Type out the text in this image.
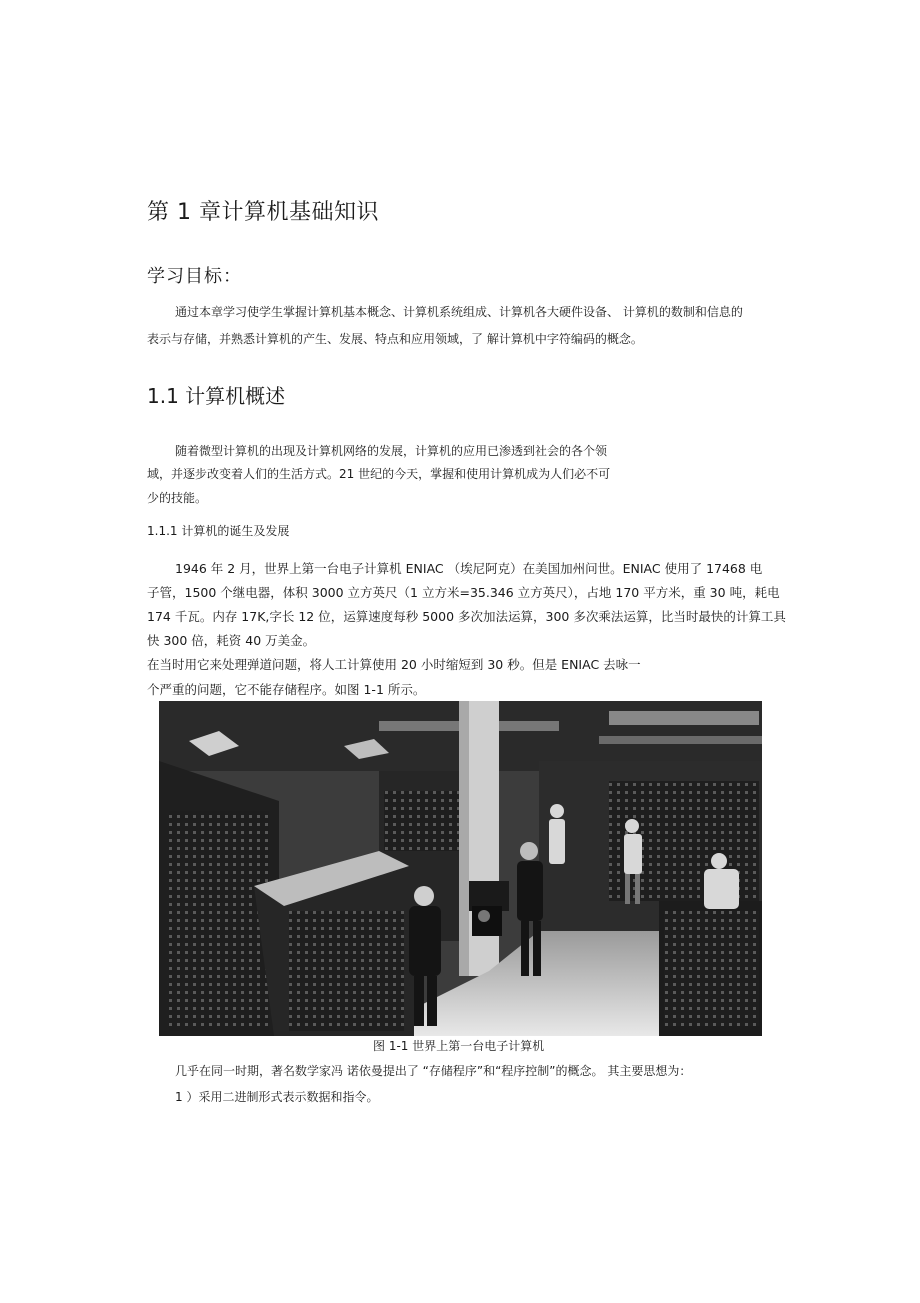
第 1 章计算机基础知识
学习目标：
通过本章学习使学生掌握计算机基本概念、计算机系统组成、计算机各大硬件设备、 计算机的数制和信息的
表示与存储，并熟悉计算机的产生、发展、特点和应用领域，了 解计算机中字符编码的概念。
1.1 计算机概述
随着微型计算机的出现及计算机网络的发展，计算机的应用已渗透到社会的各个领
域，并逐步改变着人们的生活方式。21 世纪的今天，掌握和使用计算机成为人们必不可
少的技能。
1.1.1 计算机的诞生及发展
1946 年 2 月，世界上第一台电子计算机 ENIAC （埃尼阿克）在美国加州问世。ENIAC 使用了 17468 电
子管，1500 个继电器，体积 3000 立方英尺（1 立方米=35.346 立方英尺），占地 170 平方米，重 30 吨，耗电
174 千瓦。内存 17K,字长 12 位，运算速度每秒 5000 多次加法运算，300 多次乘法运算，比当时最快的计算工具
快 300 倍，耗资 40 万美金。
在当时用它来处理弹道问题，将人工计算使用 20 小时缩短到 30 秒。但是 ENIAC 去咏一
个严重的问题，它不能存储程序。如图 1-1 所示。
图 1-1 世界上第一台电子计算机
几乎在同一时期，著名数学家冯 诺依曼提出了 “存储程序”和“程序控制”的概念。 其主要思想为：
1 ）采用二进制形式表示数据和指令。
